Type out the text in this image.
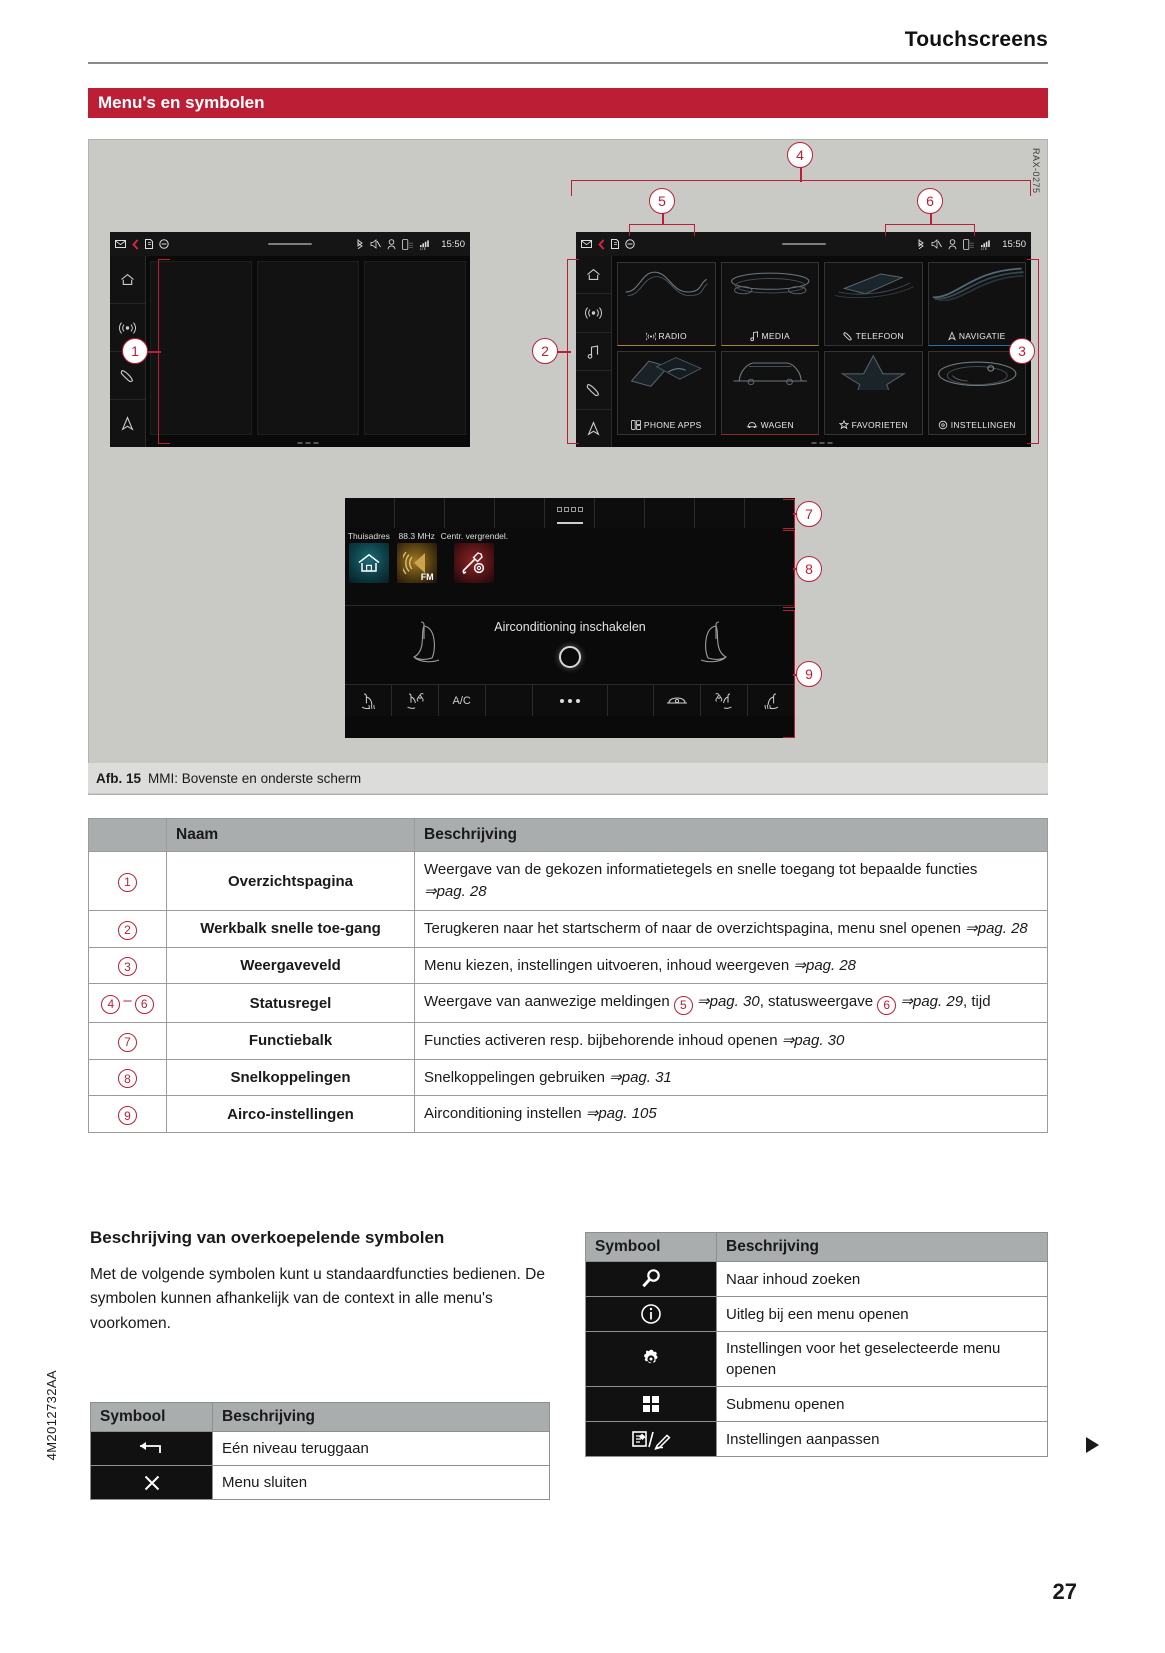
Touchscreens
Menu's en symbolen
RAX-0275
LTE 15:50	LTE 15:50
RADIO	MEDIA	TELEFOON	NAVIGATIE
PHONE APPS	WAGEN	FAVORIETEN	INSTELLINGEN
Thuisadres 88.3 MHz
FM
Centr. vergrendel.
Airconditioning inschakelen
A/C
1	2	3
4
5	6
7
8
9
Afb. 15 MMI: Bovenste en onderste scherm
	Naam	Beschrijving
1	Overzichtspagina	Weergave van de gekozen informatietegels en snelle toegang tot bepaalde functies ⇒pag. 28
2	Werkbalk snelle toe-gang	Terugkeren naar het startscherm of naar de overzichtspagina, menu snel openen ⇒pag. 28
3	Weergaveveld	Menu kiezen, instellingen uitvoeren, inhoud weergeven ⇒pag. 28
4 – 6	Statusregel	Weergave van aanwezige meldingen 5 ⇒pag. 30, statusweergave 6 ⇒pag. 29, tijd
7	Functiebalk	Functies activeren resp. bijbehorende inhoud openen ⇒pag. 30
8	Snelkoppelingen	Snelkoppelingen gebruiken ⇒pag. 31
9	Airco-instellingen	Airconditioning instellen ⇒pag. 105
Beschrijving van overkoepelende symbolen
Met de volgende symbolen kunt u standaardfuncties bedienen. De symbolen kunnen afhankelijk van de context in alle menu's voorkomen.
Symbool	Beschrijving
	Eén niveau teruggaan
	Menu sluiten
Symbool	Beschrijving
	Naar inhoud zoeken
	Uitleg bij een menu openen
	Instellingen voor het geselecteerde menu openen
	Submenu openen
	Instellingen aanpassen
4M2012732AA
27
